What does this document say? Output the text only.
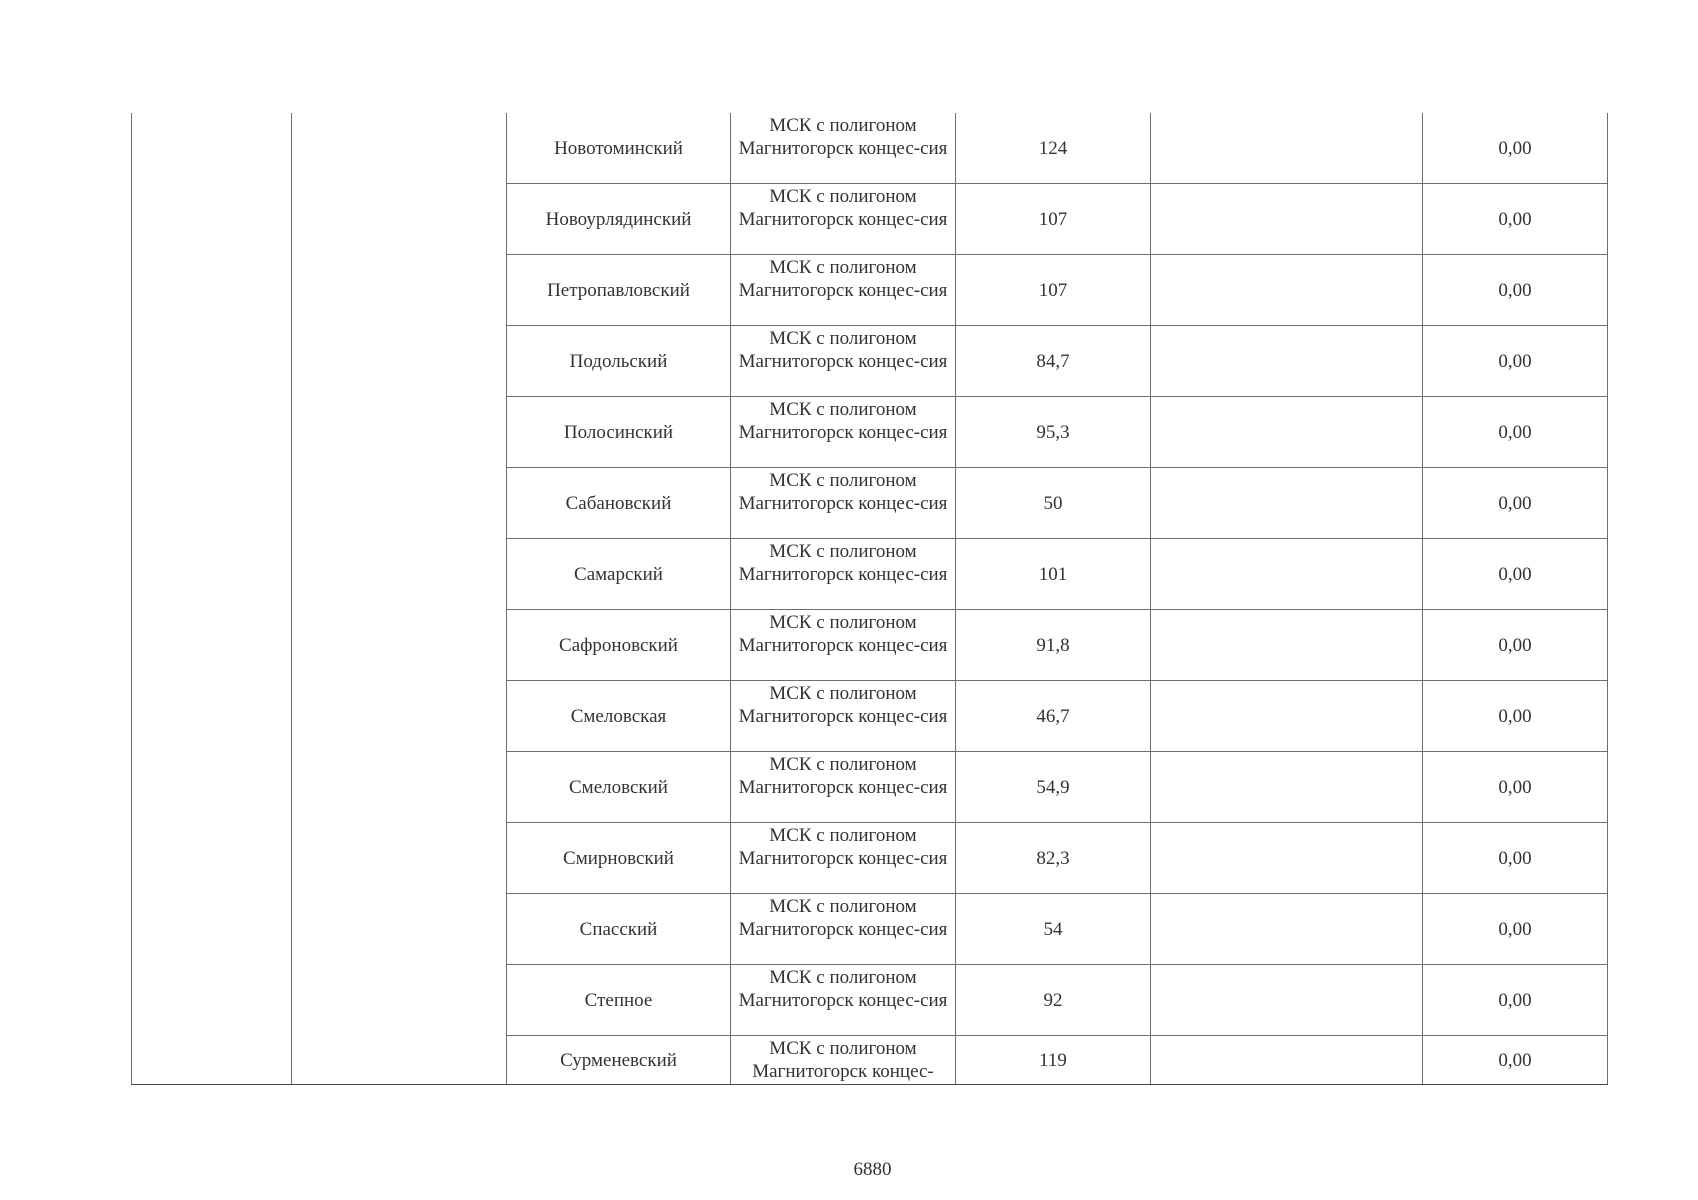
		Новотоминский	МСК с полигоном Магнитогорск концес-сия	124		0,00
		Новоурлядинский	МСК с полигоном Магнитогорск концес-сия	107		0,00
		Петропавловский	МСК с полигоном Магнитогорск концес-сия	107		0,00
		Подольский	МСК с полигоном Магнитогорск концес-сия	84,7		0,00
		Полосинский	МСК с полигоном Магнитогорск концес-сия	95,3		0,00
		Сабановский	МСК с полигоном Магнитогорск концес-сия	50		0,00
		Самарский	МСК с полигоном Магнитогорск концес-сия	101		0,00
		Сафроновский	МСК с полигоном Магнитогорск концес-сия	91,8		0,00
		Смеловская	МСК с полигоном Магнитогорск концес-сия	46,7		0,00
		Смеловский	МСК с полигоном Магнитогорск концес-сия	54,9		0,00
		Смирновский	МСК с полигоном Магнитогорск концес-сия	82,3		0,00
		Спасский	МСК с полигоном Магнитогорск концес-сия	54		0,00
		Степное	МСК с полигоном Магнитогорск концес-сия	92		0,00
		Сурменевский	МСК с полигоном Магнитогорск концес-	119		0,00
6880
